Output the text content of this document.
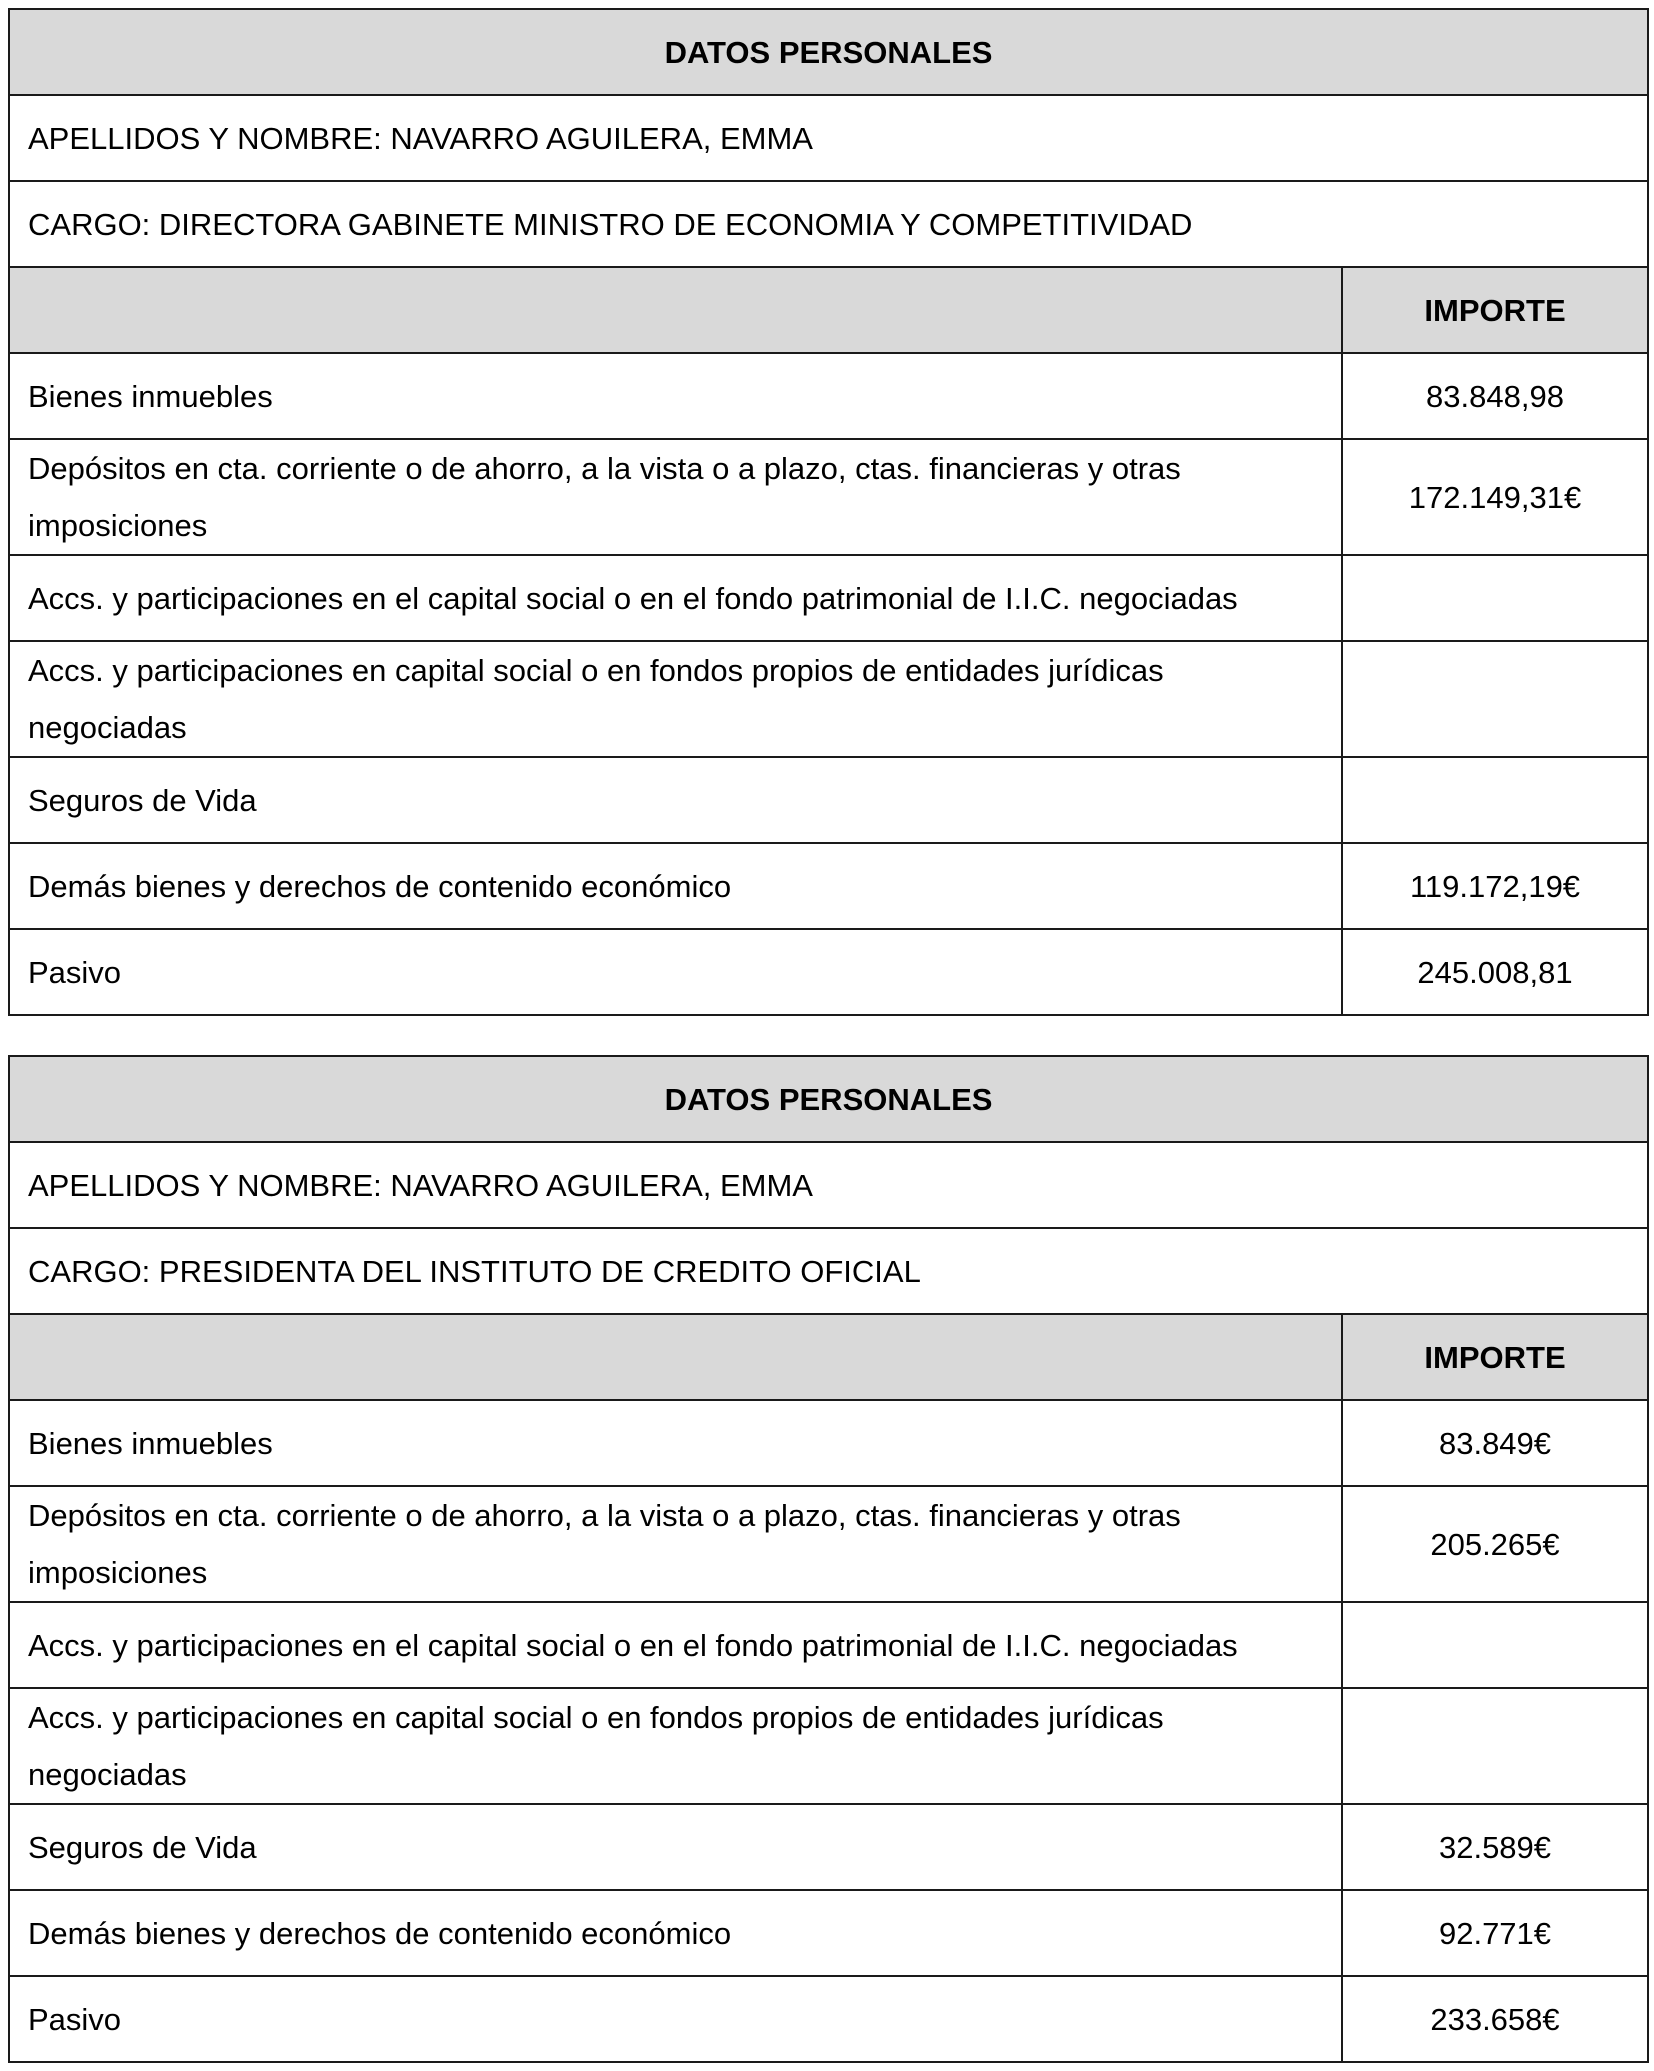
DATOS PERSONALES	
APELLIDOS Y NOMBRE: NAVARRO AGUILERA, EMMA	
CARGO: DIRECTORA GABINETE MINISTRO DE ECONOMIA Y COMPETITIVIDAD	
	IMPORTE
Bienes inmuebles	83.848,98
Depósitos en cta. corriente o de ahorro, a la vista o a plazo, ctas. financieras y otras imposiciones	172.149,31€
Accs. y participaciones en el capital social o en el fondo patrimonial de I.I.C. negociadas	
Accs. y participaciones en capital social o en fondos propios de entidades jurídicas negociadas	
Seguros de Vida	
Demás bienes y derechos de contenido económico	119.172,19€
Pasivo	245.008,81
DATOS PERSONALES	
APELLIDOS Y NOMBRE: NAVARRO AGUILERA, EMMA	
CARGO: PRESIDENTA DEL INSTITUTO DE CREDITO OFICIAL	
	IMPORTE
Bienes inmuebles	83.849€
Depósitos en cta. corriente o de ahorro, a la vista o a plazo, ctas. financieras y otras imposiciones	205.265€
Accs. y participaciones en el capital social o en el fondo patrimonial de I.I.C. negociadas	
Accs. y participaciones en capital social o en fondos propios de entidades jurídicas negociadas	
Seguros de Vida	32.589€
Demás bienes y derechos de contenido económico	92.771€
Pasivo	233.658€
